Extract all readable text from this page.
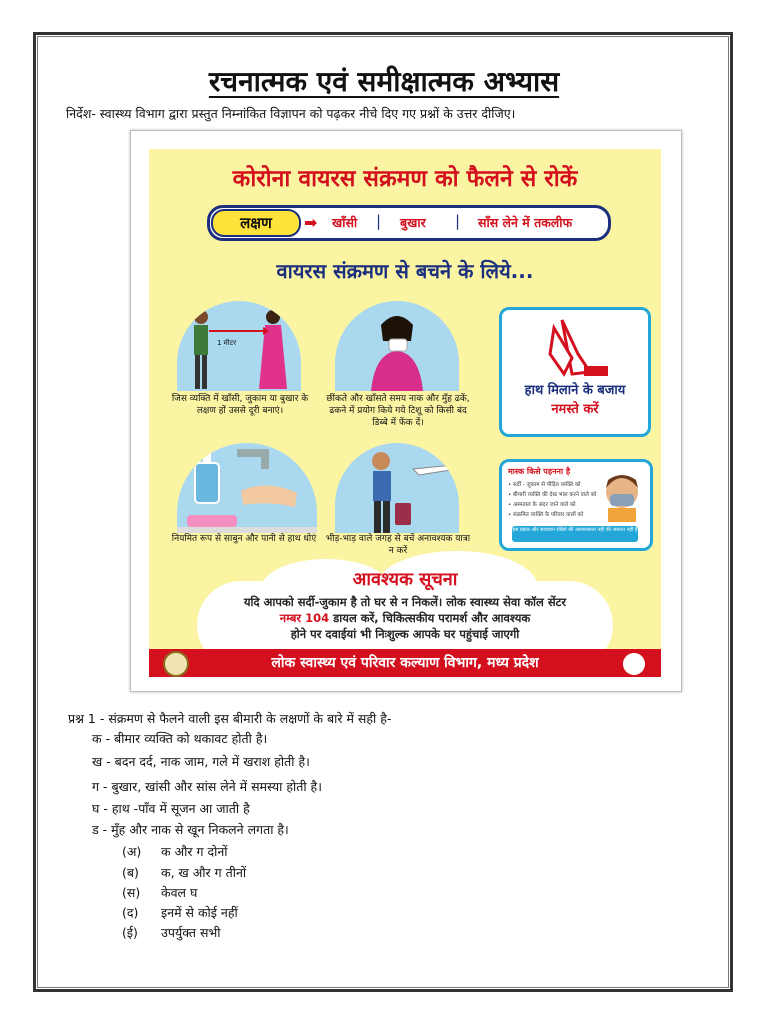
रचनात्मक एवं समीक्षात्मक अभ्यास
निर्देश- स्वास्थ्य विभाग द्वारा प्रस्तुत निम्नांकित विज्ञापन को पढ़कर नीचे दिए गए प्रश्नों के उत्तर दीजिए।
कोरोना वायरस संक्रमण को फैलने से रोकें
लक्षण	➡ खाँसी | बुखार | साँस लेने में तकलीफ
वायरस संक्रमण से बचने के लिये...
1 मीटर
जिस व्यक्ति में खाँसी, जुकाम या बुखार के लक्षण हों उससे दूरी बनाएं।
छींकते और खाँसते समय नाक और मुँह ढकें, ढकने में प्रयोग किये गये टिशू को किसी बंद डिब्बे में फेंक दें।
हाथ मिलाने के बजाय
नमस्ते करें
नियमित रूप से साबुन और पानी से हाथ धोएं भीड़-भाड़ वाले जगह से बचें अनावश्यक यात्रा न करें
मास्क किसे पहनना है
• सर्दी - जुकाम से पीड़ित व्यक्ति को
• बीमारी व्यक्ति की देख भाल करने वाले को
• अस्पताल के अंदर जाने वाले को
• संक्रमित व्यक्ति के परिवार वालों को
इस प्रकार और सावधान रखिये की आवश्यकता नहीं की जरूरत नहीं है
आवश्यक सूचना
यदि आपको सर्दी-जुकाम है तो घर से न निकलें। लोक स्वास्थ्य सेवा कॉल सेंटर
नम्बर 104 डायल करें, चिकित्सकीय परामर्श और आवश्यक
होने पर दवाईयां भी निःशुल्क आपके घर पहुंचाई जाएगी
लोक स्वास्थ्य एवं परिवार कल्याण विभाग, मध्य प्रदेश
प्रश्न 1 - संक्रमण से फैलने वाली इस बीमारी के लक्षणों के बारे में सही है-
क - बीमार व्यक्ति को थकावट होती है।
ख - बदन दर्द, नाक जाम, गले में खराश होती है।
ग - बुखार, खांसी और सांस लेने में समस्या होती है।
घ - हाथ -पाँव में सूजन आ जाती है
ड - मुँह और नाक से खून निकलने लगता है।
(अ) क और ग दोनों
(ब) क, ख और ग तीनों
(स) केवल घ
(द) इनमें से कोई नहीं
(ई) उपर्युक्त सभी
